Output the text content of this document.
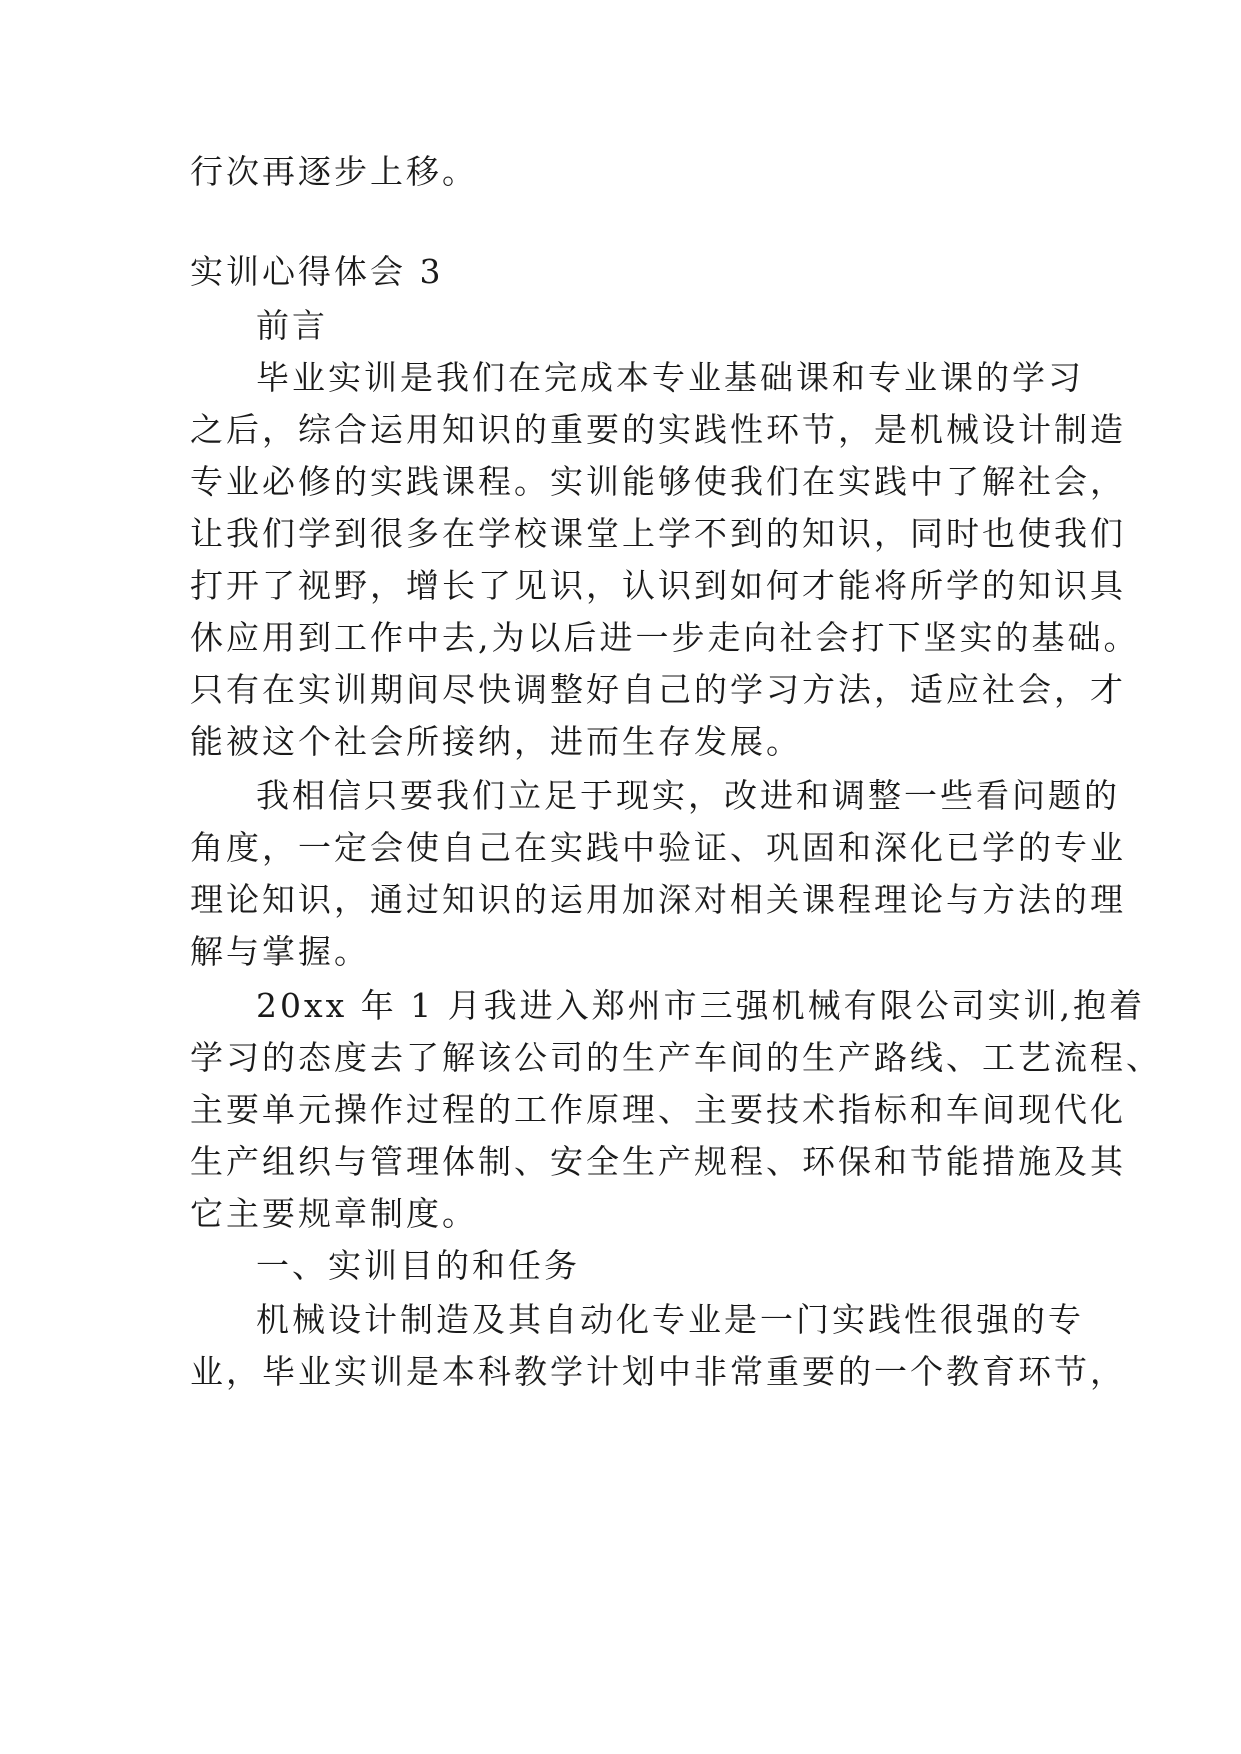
行次再逐步上移。
实训心得体会 3
前言
毕业实训是我们在完成本专业基础课和专业课的学习
之后，综合运用知识的重要的实践性环节，是机械设计制造
专业必修的实践课程。实训能够使我们在实践中了解社会，
让我们学到很多在学校课堂上学不到的知识，同时也使我们
打开了视野，增长了见识，认识到如何才能将所学的知识具
休应用到工作中去,为以后进一步走向社会打下坚实的基础。
只有在实训期间尽快调整好自己的学习方法，适应社会，才
能被这个社会所接纳，进而生存发展。
我相信只要我们立足于现实，改进和调整一些看问题的
角度，一定会使自己在实践中验证、巩固和深化已学的专业
理论知识，通过知识的运用加深对相关课程理论与方法的理
解与掌握。
20xx 年 1 月我进入郑州市三强机械有限公司实训,抱着
学习的态度去了解该公司的生产车间的生产路线、工艺流程、
主要单元操作过程的工作原理、主要技术指标和车间现代化
生产组织与管理体制、安全生产规程、环保和节能措施及其
它主要规章制度。
一、实训目的和任务
机械设计制造及其自动化专业是一门实践性很强的专
业，毕业实训是本科教学计划中非常重要的一个教育环节，
